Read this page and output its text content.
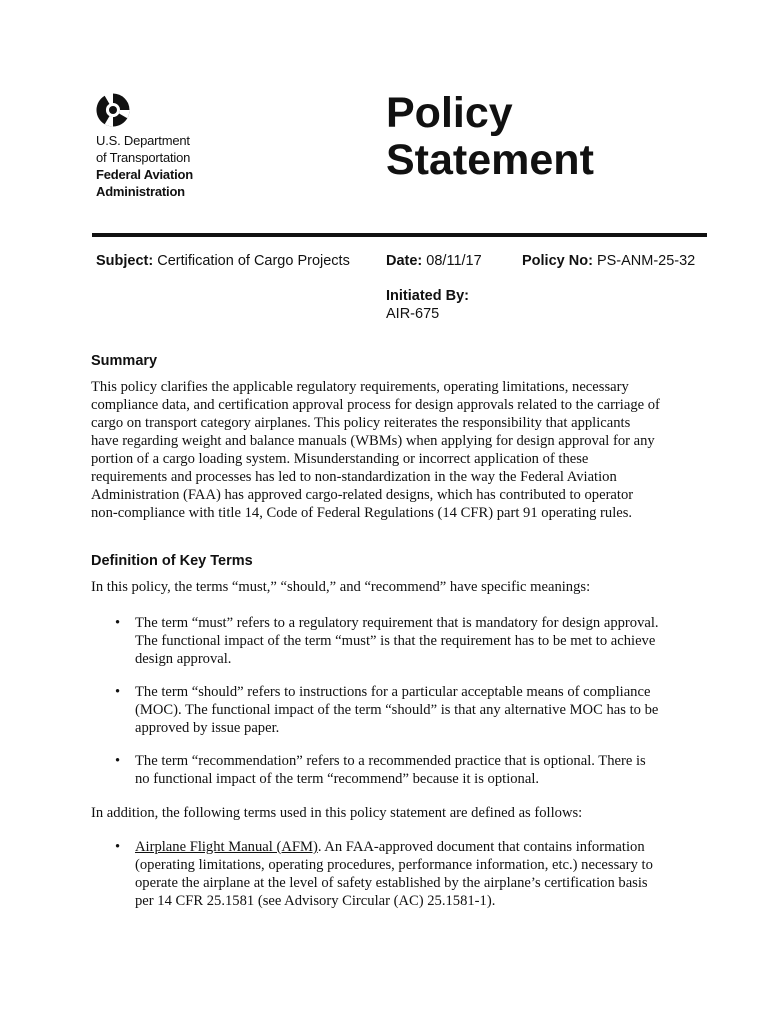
U.S. Department
of Transportation
Federal Aviation
Administration
Policy
Statement
Subject: Certification of Cargo Projects Date: 08/11/17	Policy No: PS-ANM-25-32
Initiated By:
AIR-675
Summary
This policy clarifies the applicable regulatory requirements, operating limitations, necessary
compliance data, and certification approval process for design approvals related to the carriage of
cargo on transport category airplanes. This policy reiterates the responsibility that applicants
have regarding weight and balance manuals (WBMs) when applying for design approval for any
portion of a cargo loading system. Misunderstanding or incorrect application of these
requirements and processes has led to non-standardization in the way the Federal Aviation
Administration (FAA) has approved cargo-related designs, which has contributed to operator
non-compliance with title 14, Code of Federal Regulations (14 CFR) part 91 operating rules.
Definition of Key Terms
In this policy, the terms “must,” “should,” and “recommend” have specific meanings:
• The term “must” refers to a regulatory requirement that is mandatory for design approval.
The functional impact of the term “must” is that the requirement has to be met to achieve
design approval.
• The term “should” refers to instructions for a particular acceptable means of compliance
(MOC). The functional impact of the term “should” is that any alternative MOC has to be
approved by issue paper.
• The term “recommendation” refers to a recommended practice that is optional. There is
no functional impact of the term “recommend” because it is optional.
In addition, the following terms used in this policy statement are defined as follows:
• Airplane Flight Manual (AFM). An FAA-approved document that contains information
(operating limitations, operating procedures, performance information, etc.) necessary to
operate the airplane at the level of safety established by the airplane’s certification basis
per 14 CFR 25.1581 (see Advisory Circular (AC) 25.1581-1).
